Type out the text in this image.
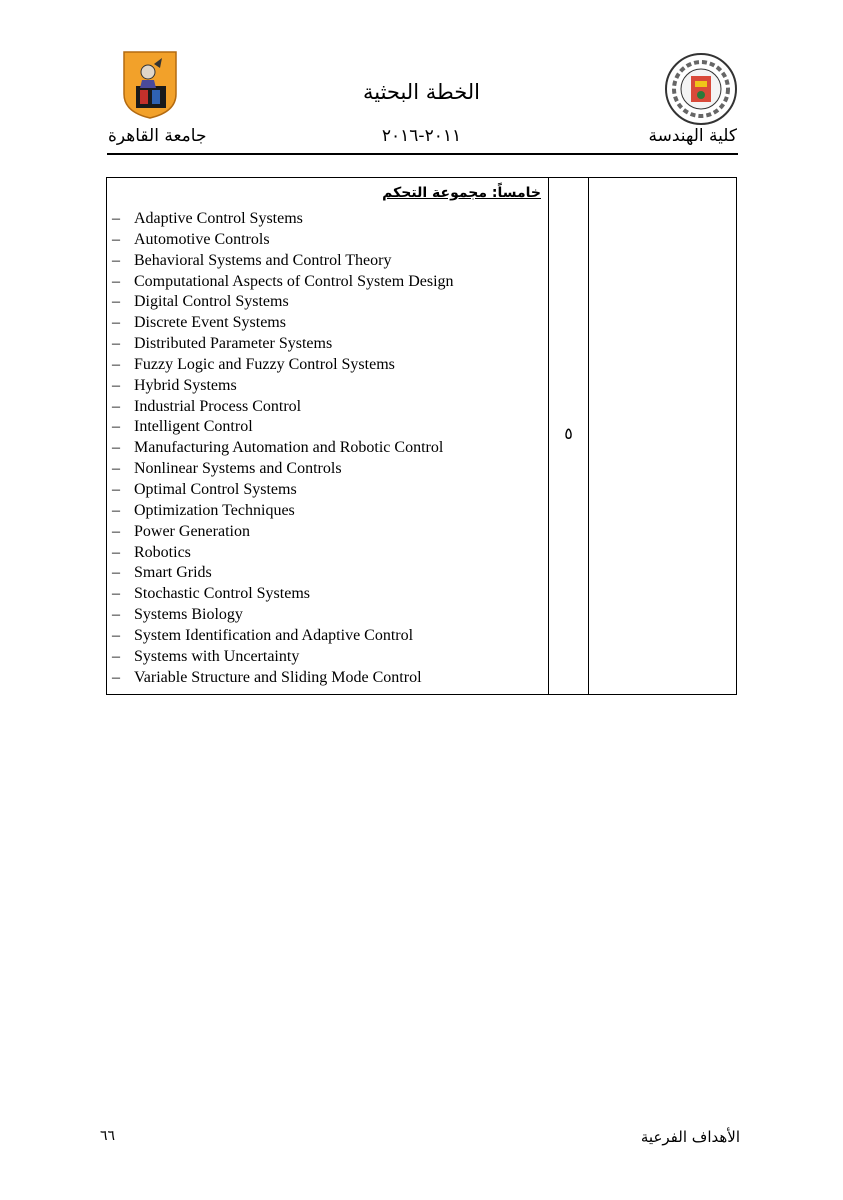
الخطة البحثية
جامعة القاهرة	٢٠١١-٢٠١٦	كلية الهندسة
خامساً: مجموعة التحكم
– Adaptive Control Systems
– Automotive Controls
– Behavioral Systems and Control Theory
– Computational Aspects of Control System Design
– Digital Control Systems
– Discrete Event Systems
– Distributed Parameter Systems
– Fuzzy Logic and Fuzzy Control Systems
– Hybrid Systems
– Industrial Process Control
– Intelligent Control
– Manufacturing Automation and Robotic Control
– Nonlinear Systems and Controls
– Optimal Control Systems
– Optimization Techniques
– Power Generation
– Robotics
– Smart Grids
– Stochastic Control Systems
– Systems Biology
– System Identification and Adaptive Control
– Systems with Uncertainty
– Variable Structure and Sliding Mode Control
٥
٦٦	الأهداف الفرعية
